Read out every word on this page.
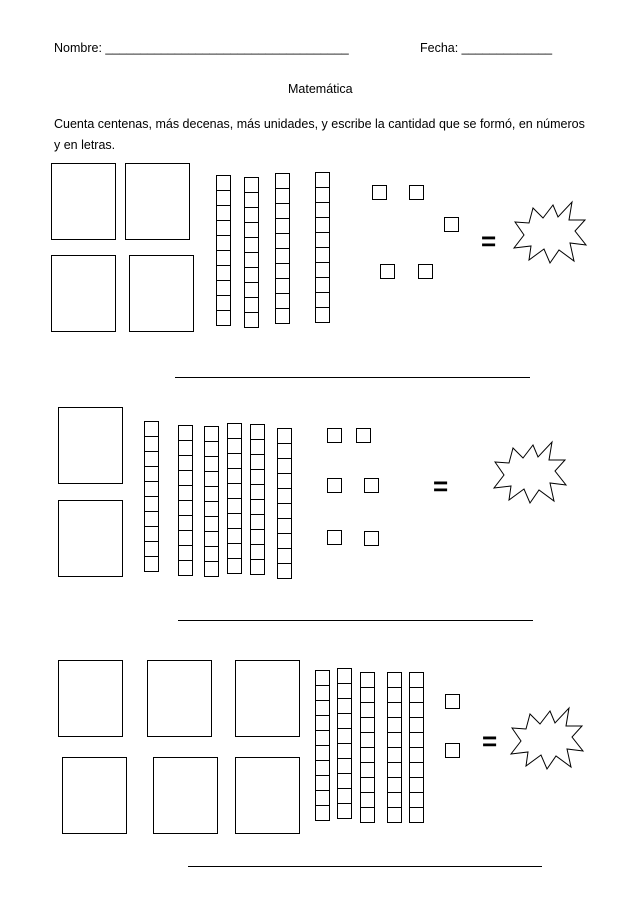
Nombre: ___________________________________	Fecha: _____________
Matemática
Cuenta centenas, más decenas, más unidades, y escribe la cantidad que se formó, en números y en letras.
=
=
=
